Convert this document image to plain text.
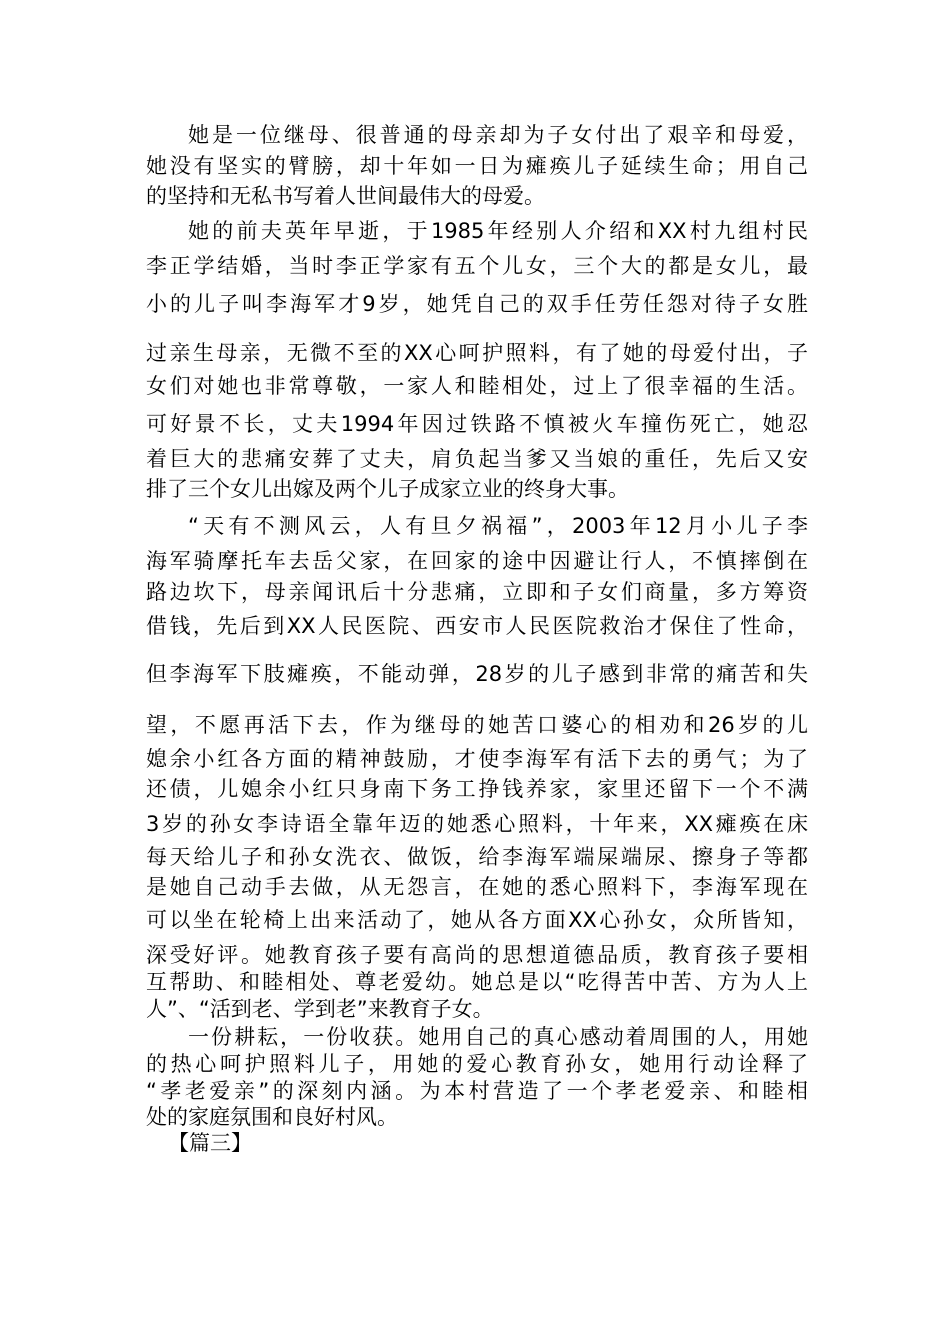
她是一位继母、很普通的母亲却为子女付出了艰辛和母爱，
她没有坚实的臂膀，却十年如一日为瘫痪儿子延续生命；用自己
的坚持和无私书写着人世间最伟大的母爱。
她的前夫英年早逝，于1985年经别人介绍和XX村九组村民
李正学结婚，当时李正学家有五个儿女，三个大的都是女儿，最
小的儿子叫李海军才9岁，她凭自己的双手任劳任怨对待子女胜
过亲生母亲，无微不至的XX心呵护照料，有了她的母爱付出，子
女们对她也非常尊敬，一家人和睦相处，过上了很幸福的生活。
可好景不长，丈夫1994年因过铁路不慎被火车撞伤死亡，她忍
着巨大的悲痛安葬了丈夫，肩负起当爹又当娘的重任，先后又安
排了三个女儿出嫁及两个儿子成家立业的终身大事。
“天有不测风云，人有旦夕祸福”，2003年12月小儿子李
海军骑摩托车去岳父家，在回家的途中因避让行人，不慎摔倒在
路边坎下，母亲闻讯后十分悲痛，立即和子女们商量，多方筹资
借钱，先后到XX人民医院、西安市人民医院救治才保住了性命，
但李海军下肢瘫痪，不能动弹，28岁的儿子感到非常的痛苦和失
望，不愿再活下去，作为继母的她苦口婆心的相劝和26岁的儿
媳余小红各方面的精神鼓励，才使李海军有活下去的勇气；为了
还债，儿媳余小红只身南下务工挣钱养家，家里还留下一个不满
3岁的孙女李诗语全靠年迈的她悉心照料，十年来，XX瘫痪在床
每天给儿子和孙女洗衣、做饭，给李海军端屎端尿、擦身子等都
是她自己动手去做，从无怨言，在她的悉心照料下，李海军现在
可以坐在轮椅上出来活动了，她从各方面XX心孙女，众所皆知，
深受好评。她教育孩子要有高尚的思想道德品质，教育孩子要相
互帮助、和睦相处、尊老爱幼。她总是以“吃得苦中苦、方为人上
人”、“活到老、学到老”来教育子女。
一份耕耘，一份收获。她用自己的真心感动着周围的人，用她
的热心呵护照料儿子，用她的爱心教育孙女，她用行动诠释了
“孝老爱亲”的深刻内涵。为本村营造了一个孝老爱亲、和睦相
处的家庭氛围和良好村风。
【篇三】
